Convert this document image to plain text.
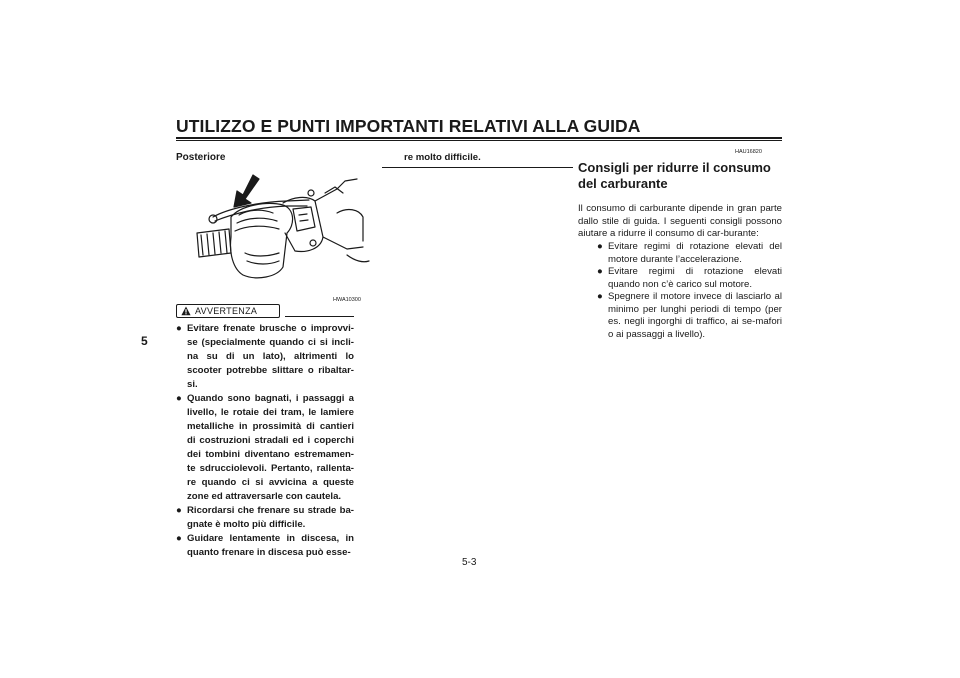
UTILIZZO E PUNTI IMPORTANTI RELATIVI ALLA GUIDA
5
Posteriore
HWA10300
AVVERTENZA
● Evitare frenate brusche o improvvi-se (specialmente quando ci si incli-na su di un lato), altrimenti lo scooter potrebbe slittare o ribaltar-si.
● Quando sono bagnati, i passaggi a livello, le rotaie dei tram, le lamiere metalliche in prossimità di cantieri di costruzioni stradali ed i coperchi dei tombini diventano estremamen-te sdrucciolevoli. Pertanto, rallenta-re quando ci si avvicina a queste zone ed attraversarle con cautela.
● Ricordarsi che frenare su strade ba-gnate è molto più difficile.
● Guidare lentamente in discesa, in quanto frenare in discesa può esse-
re molto difficile.	HAU16820
Consigli per ridurre il consumo del carburante
Il consumo di carburante dipende in gran parte dallo stile di guida. I seguenti consigli possono aiutare a ridurre il consumo di car-burante:
● Evitare regimi di rotazione elevati del motore durante l’accelerazione.
● Evitare regimi di rotazione elevati quando non c’è carico sul motore.
● Spegnere il motore invece di lasciarlo al minimo per lunghi periodi di tempo (per es. negli ingorghi di traffico, ai se-mafori o ai passaggi a livello).
5-3
